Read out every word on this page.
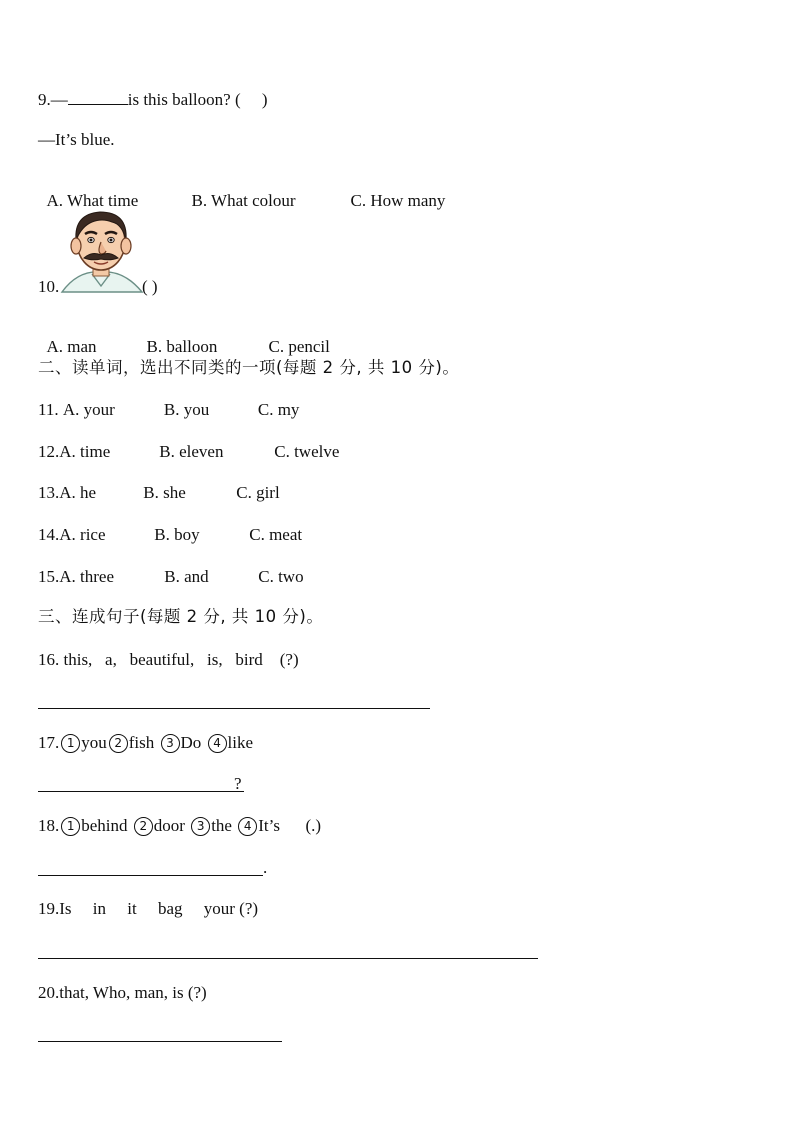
9.—	is this balloon? (     )
—It’s blue.

A. What time	B. What colour	C. How many

10.	( )

A. man	B. balloon	C. pencil

二、读单词，选出不同类的一项(每题 2 分, 共 10 分)。
11. A. your	B. you	C. my
12.A. time	B. eleven	C. twelve
13.A. he	B. she	C. girl
14.A. rice	B. boy	C. meat
15.A. three	B. and	C. two
三、连成句子(每题 2 分, 共 10 分)。
16. this,   a,   beautiful,   is,   bird    (?)
17. 1 you 2 fish 3 Do 4 like
?
18. 1 behind 2 door 3 the 4 It’s (.)
.
19.Is     in     it     bag     your (?)
20.that, Who, man, is (?)
